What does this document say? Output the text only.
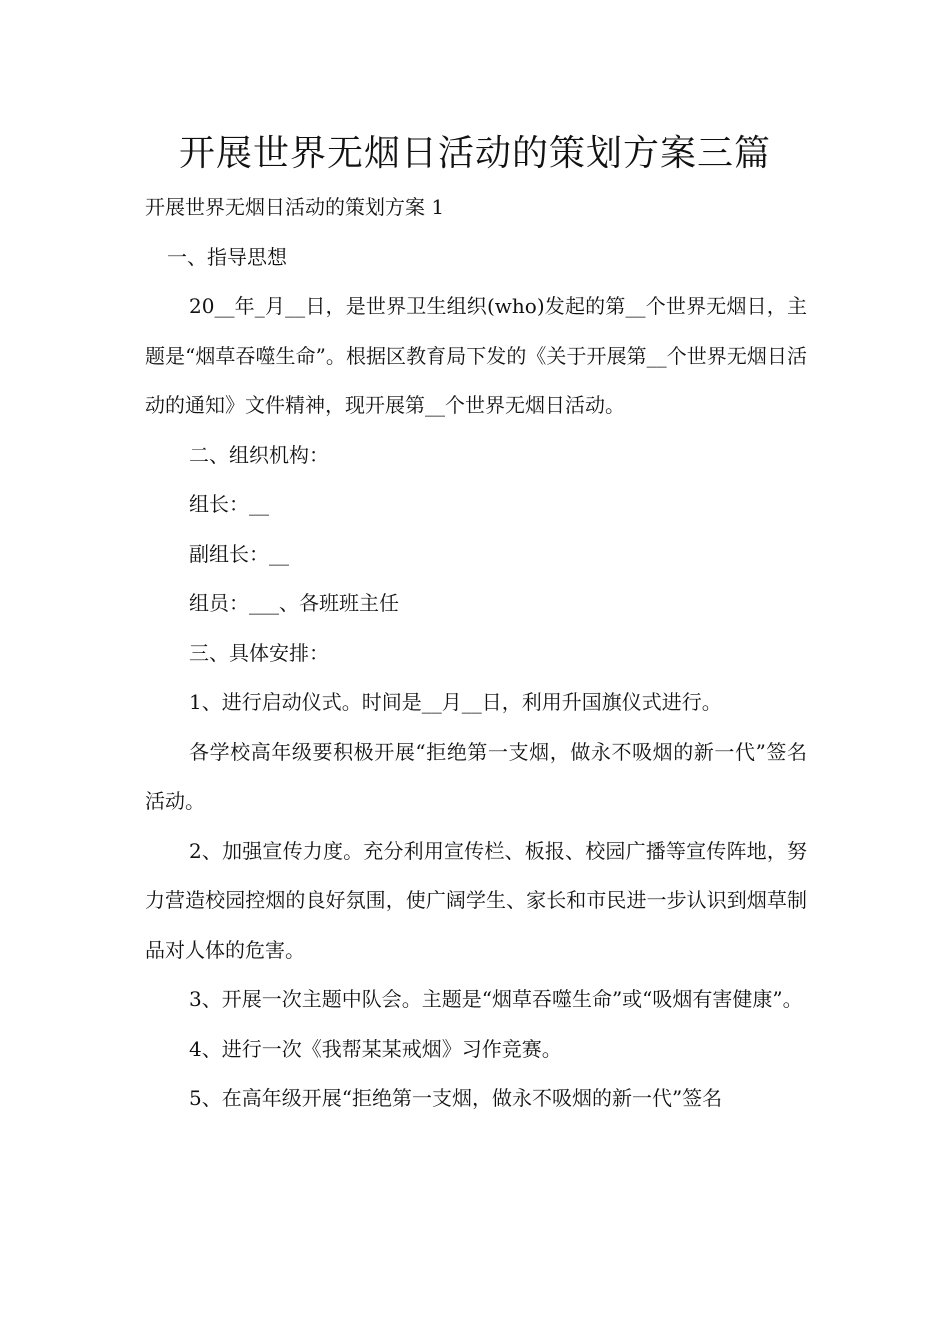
开展世界无烟日活动的策划方案三篇

开展世界无烟日活动的策划方案 1

一、指导思想

20__年_月__日，是世界卫生组织(who)发起的第__个世界无烟日，主题是“烟草吞噬生命”。根据区教育局下发的《关于开展第__个世界无烟日活动的通知》文件精神，现开展第__个世界无烟日活动。

二、组织机构：

组长：__

副组长：__

组员：___、各班班主任

三、具体安排：

1、进行启动仪式。时间是__月__日，利用升国旗仪式进行。

各学校高年级要积极开展“拒绝第一支烟，做永不吸烟的新一代”签名活动。

2、加强宣传力度。充分利用宣传栏、板报、校园广播等宣传阵地，努力营造校园控烟的良好氛围，使广阔学生、家长和市民进一步认识到烟草制品对人体的危害。

3、开展一次主题中队会。主题是“烟草吞噬生命”或“吸烟有害健康”。

4、进行一次《我帮某某戒烟》习作竞赛。

5、在高年级开展“拒绝第一支烟，做永不吸烟的新一代”签名
